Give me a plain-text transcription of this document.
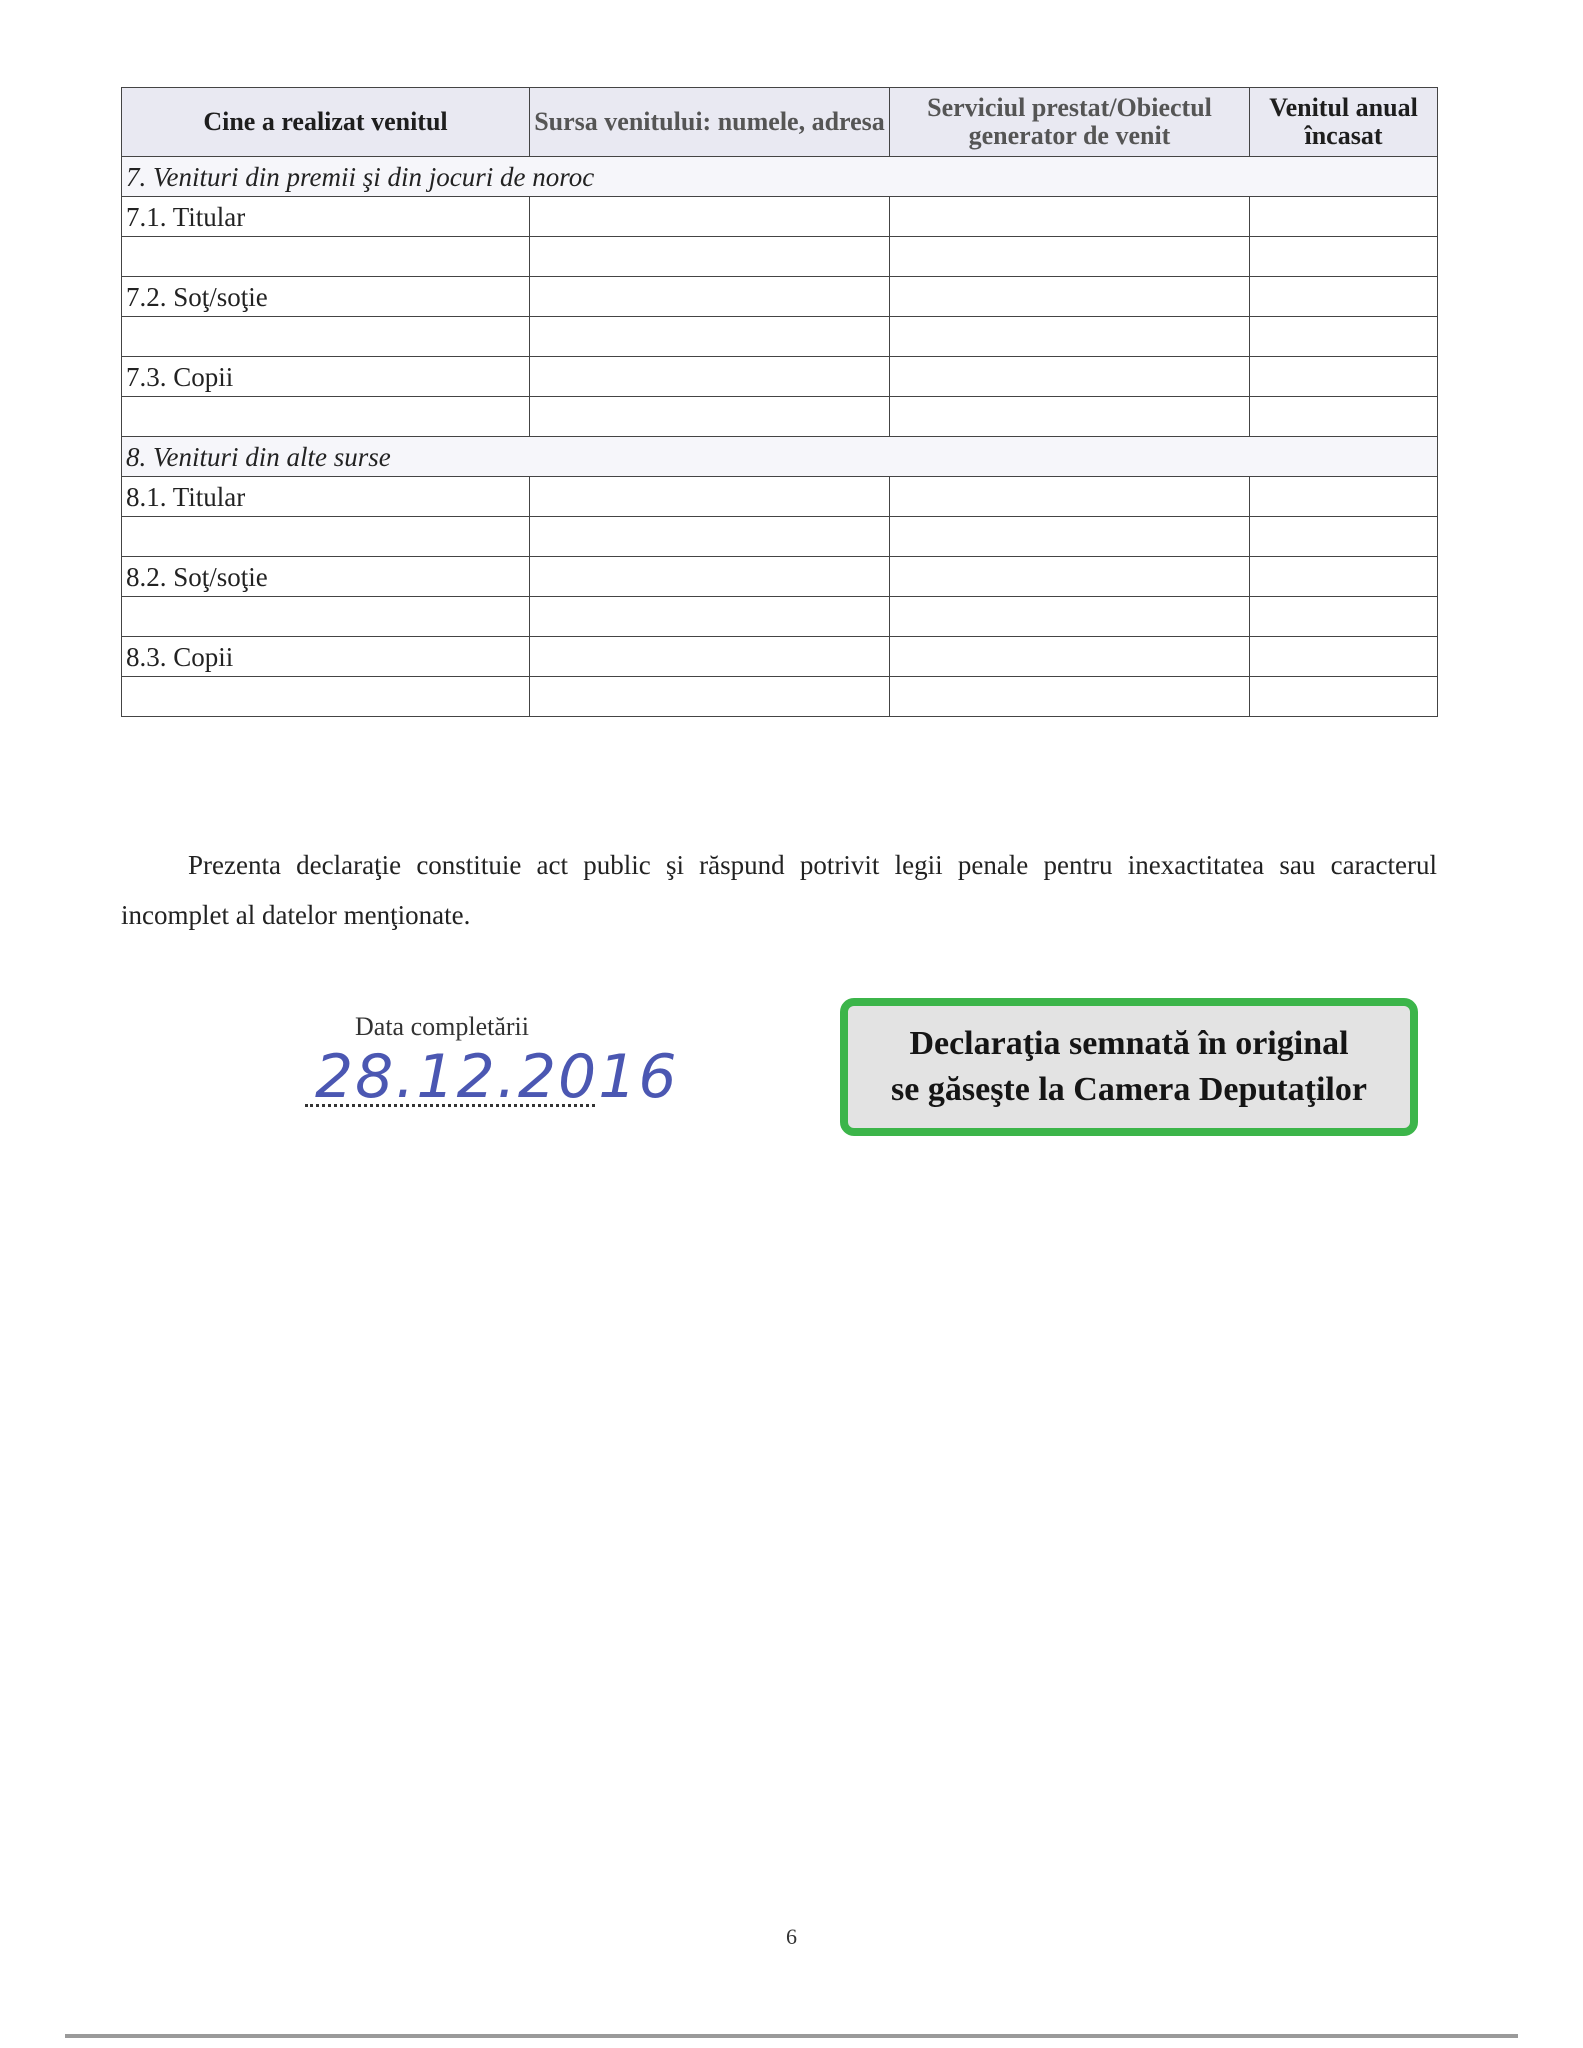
Cine a realizat venitul	Sursa venitului: numele, adresa	Serviciul prestat/Obiectul generator de venit	Venitul anual încasat
7. Venituri din premii şi din jocuri de noroc			
7.1. Titular			

7.2. Soţ/soţie			

7.3. Copii			

8. Venituri din alte surse			
8.1. Titular			

8.2. Soţ/soţie			

8.3. Copii			

Prezenta declaraţie constituie act public şi răspund potrivit legii penale pentru inexactitatea sau caracterul incomplet al datelor menţionate.

Data completării
28.12.2016	Declaraţia semnată în original
se găseşte la Camera Deputaţilor
6
